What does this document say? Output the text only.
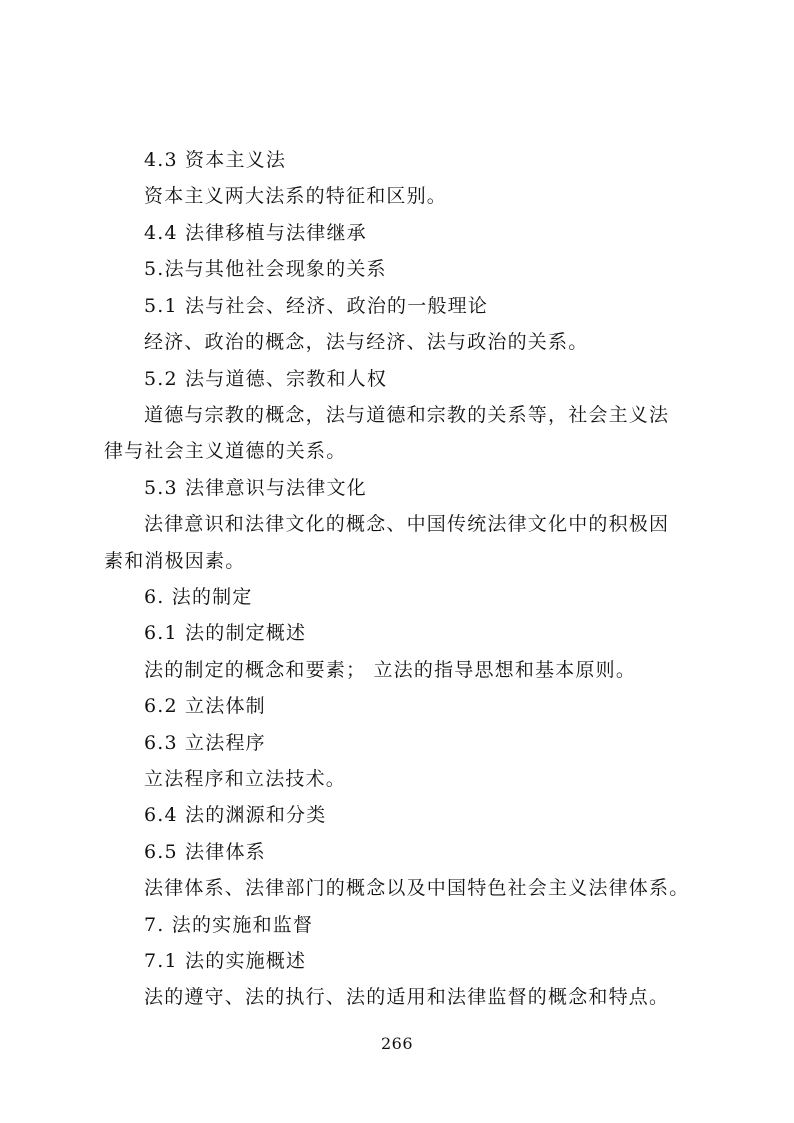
4.3 资本主义法
资本主义两大法系的特征和区别。
4.4 法律移植与法律继承
5.法与其他社会现象的关系
5.1 法与社会、经济、政治的一般理论
经济、政治的概念，法与经济、法与政治的关系。
5.2 法与道德、宗教和人权
道德与宗教的概念，法与道德和宗教的关系等，社会主义法
律与社会主义道德的关系。
5.3 法律意识与法律文化
法律意识和法律文化的概念、中国传统法律文化中的积极因
素和消极因素。
6. 法的制定
6.1 法的制定概述
法的制定的概念和要素； 立法的指导思想和基本原则。
6.2 立法体制
6.3 立法程序
立法程序和立法技术。
6.4 法的渊源和分类
6.5 法律体系
法律体系、法律部门的概念以及中国特色社会主义法律体系。
7. 法的实施和监督
7.1 法的实施概述
法的遵守、法的执行、法的适用和法律监督的概念和特点。
266
